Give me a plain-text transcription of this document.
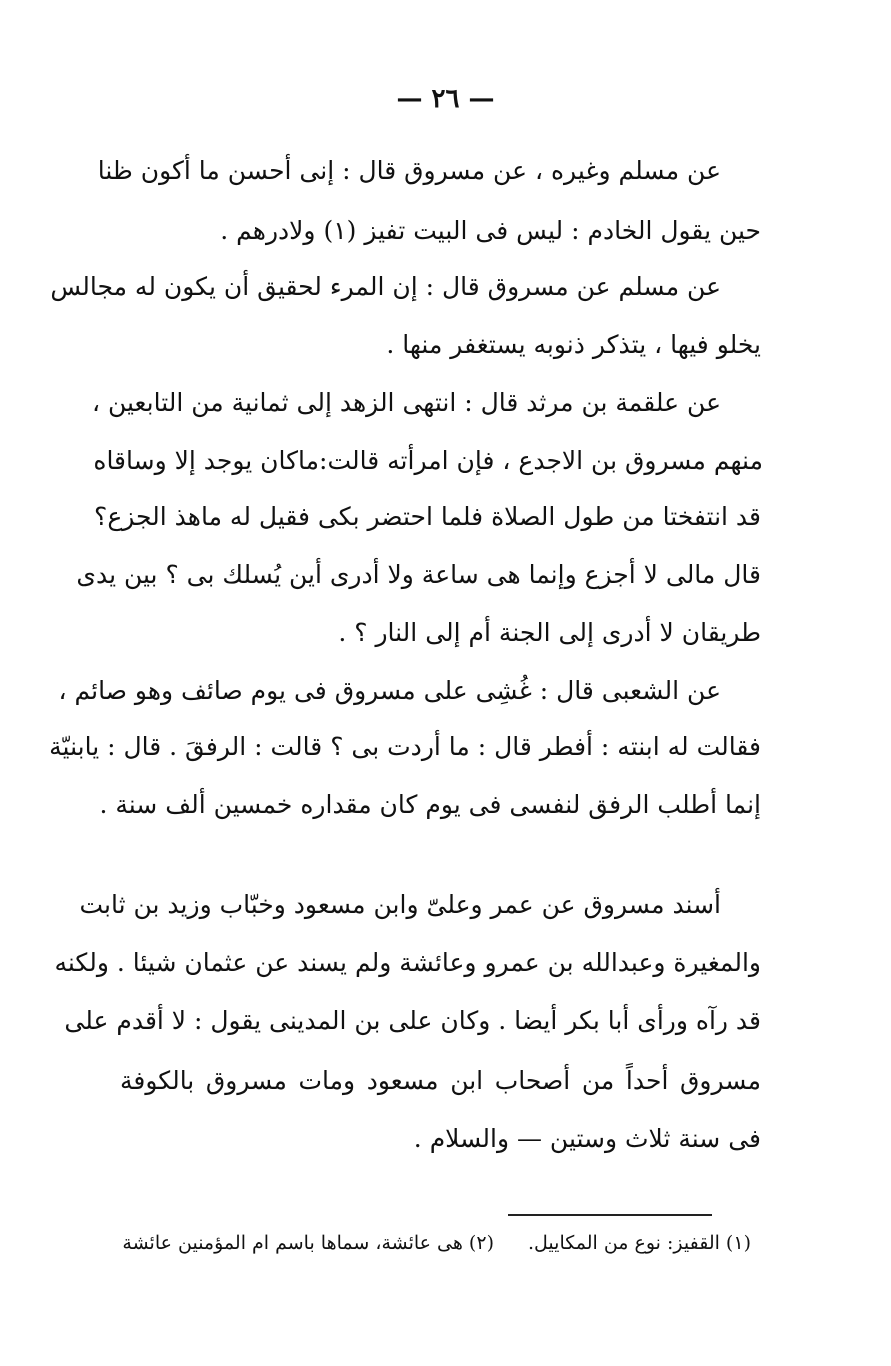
— ٢٦ —
عن مسلم وغيره ، عن مسروق قال : إنى أحسن ما أكون ظنا
حين يقول الخادم : ليس فى البيت تفيز (١) ولادرهم .
عن مسلم عن مسروق قال : إن المرء لحقيق أن يكون له مجالس
يخلو فيها ، يتذكر ذنوبه يستغفر منها .
عن علقمة بن مرثد قال : انتهى الزهد إلى ثمانية من التابعين ،
منهم مسروق بن الاجدع ، فإن امرأته قالت:ماكان يوجد إلا وساقاه
قد انتفختا من طول الصلاة فلما احتضر بكى فقيل له ماهذ الجزع؟
قال مالى لا أجزع وإنما هى ساعة ولا أدرى أين يُسلك بى ؟ بين يدى
طريقان لا أدرى إلى الجنة أم إلى النار ؟ .
عن الشعبى قال : غُشِى على مسروق فى يوم صائف وهو صائم ،
فقالت له ابنته : أفطر قال : ما أردت بى ؟ قالت : الرفقَ . قال : يابنيّة
إنما أطلب الرفق لنفسى فى يوم كان مقداره خمسين ألف سنة .
أسند مسروق عن عمر وعلىّ وابن مسعود وخبّاب وزيد بن ثابت
والمغيرة وعبدالله بن عمرو وعائشة ولم يسند عن عثمان شيئا . ولكنه
قد رآه ورأى أبا بكر أيضا . وكان على بن المدينى يقول : لا أقدم على
مسروق أحداً من أصحاب ابن مسعود ومات مسروق بالكوفة
فى سنة ثلاث وستين — والسلام .
(١) القفيز: نوع من المكاييل.
(٢) هى عائشة، سماها باسم ام المؤمنين عائشة
